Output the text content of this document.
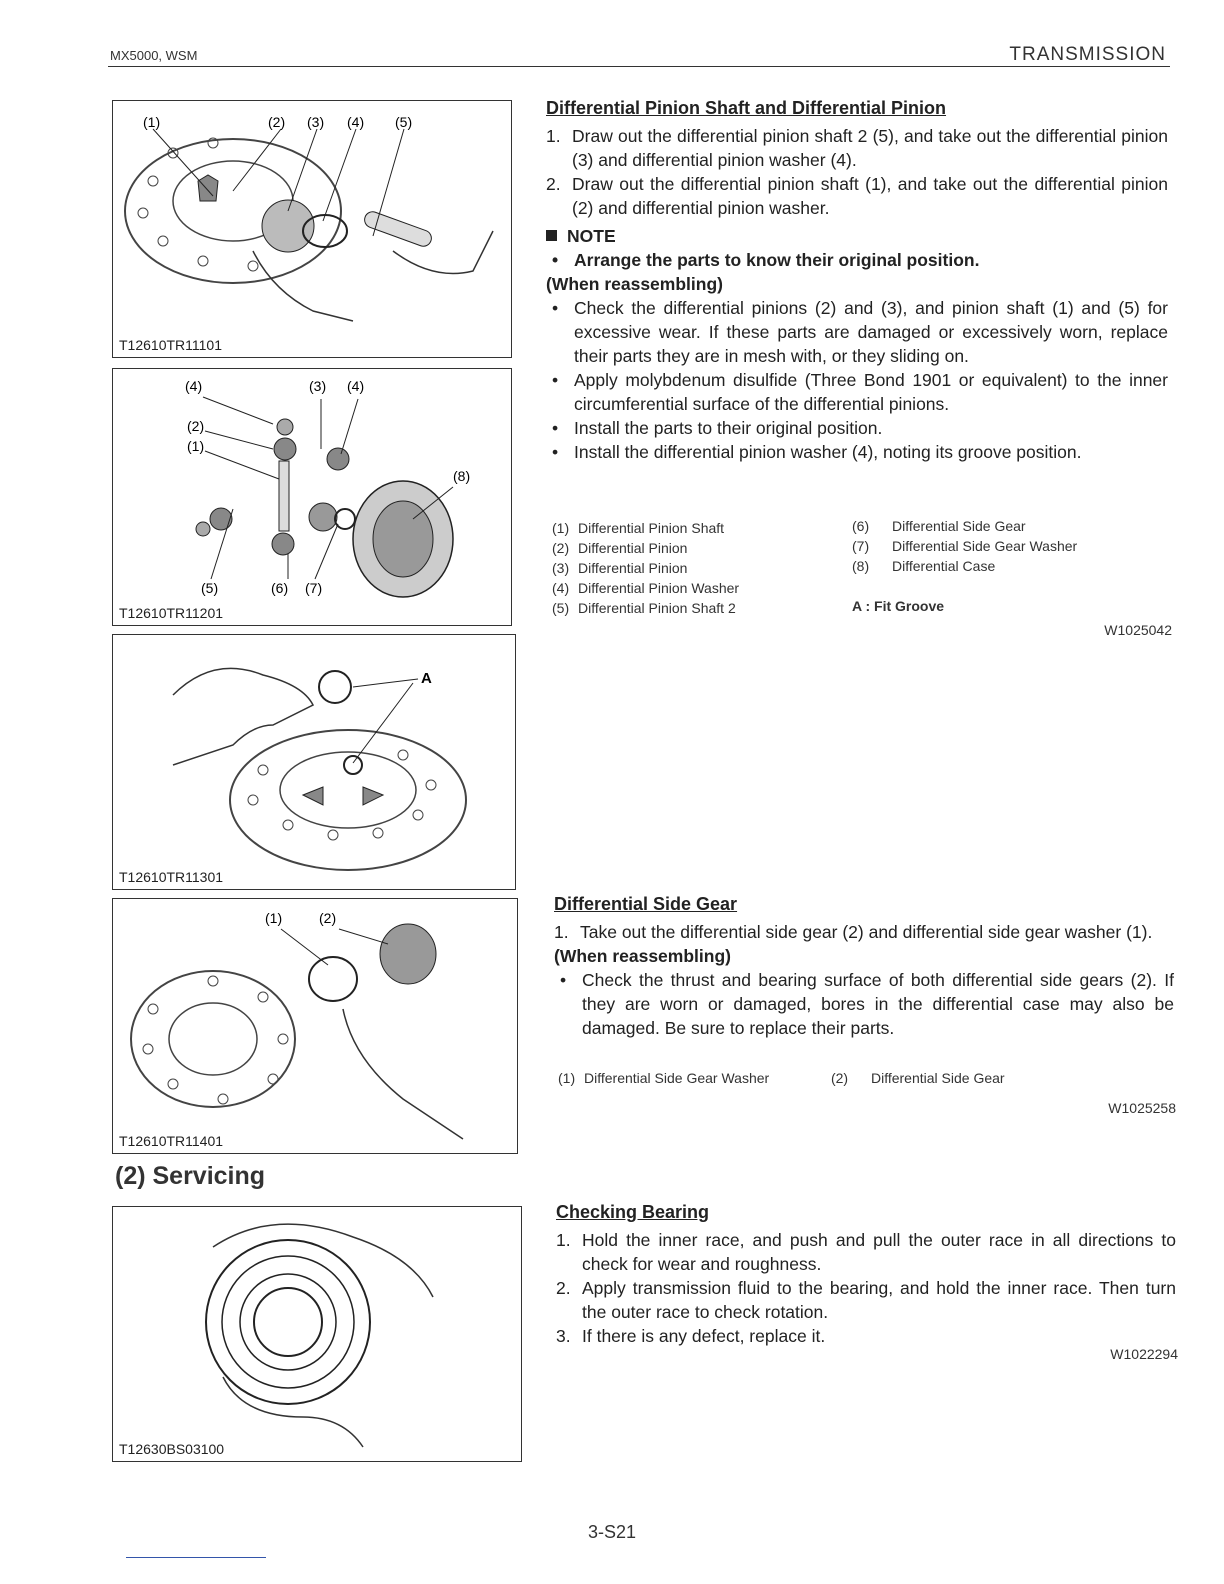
MX5000, WSM	TRANSMISSION
(1)	(2) (3) (4) (5)
T12610TR11101
(4)	(3) (4)
(2)
(1)
(8)
(5)	(6) (7)
T12610TR11201
A
T12610TR11301
(1)	(2)
T12610TR11401
(2) Servicing
T12630BS03100
Differential Pinion Shaft and Differential Pinion
1. Draw out the differential pinion shaft 2 (5), and take out the differential pinion (3) and differential pinion washer (4).
2. Draw out the differential pinion shaft (1), and take out the differential pinion (2) and differential pinion washer.
NOTE
• Arrange the parts to know their original position.
(When reassembling)
• Check the differential pinions (2) and (3), and pinion shaft (1) and (5) for excessive wear. If these parts are damaged or excessively worn, replace their parts they are in mesh with, or they sliding on.
• Apply molybdenum disulfide (Three Bond 1901 or equivalent) to the inner circumferential surface of the differential pinions.
• Install the parts to their original position.
• Install the differential pinion washer (4), noting its groove position.
(1) Differential Pinion Shaft
(2) Differential Pinion
(3) Differential Pinion
(4) Differential Pinion Washer
(5) Differential Pinion Shaft 2
(6) Differential Side Gear
(7) Differential Side Gear Washer
(8) Differential Case
A : Fit Groove
W1025042
Differential Side Gear
1. Take out the differential side gear (2) and differential side gear washer (1).
(When reassembling)
• Check the thrust and bearing surface of both differential side gears (2). If they are worn or damaged, bores in the differential case may also be damaged. Be sure to replace their parts.
(1) Differential Side Gear Washer	(2) Differential Side Gear
W1025258
Checking Bearing
1. Hold the inner race, and push and pull the outer race in all directions to check for wear and roughness.
2. Apply transmission fluid to the bearing, and hold the inner race. Then turn the outer race to check rotation.
3. If there is any defect, replace it.
W1022294
3-S21
